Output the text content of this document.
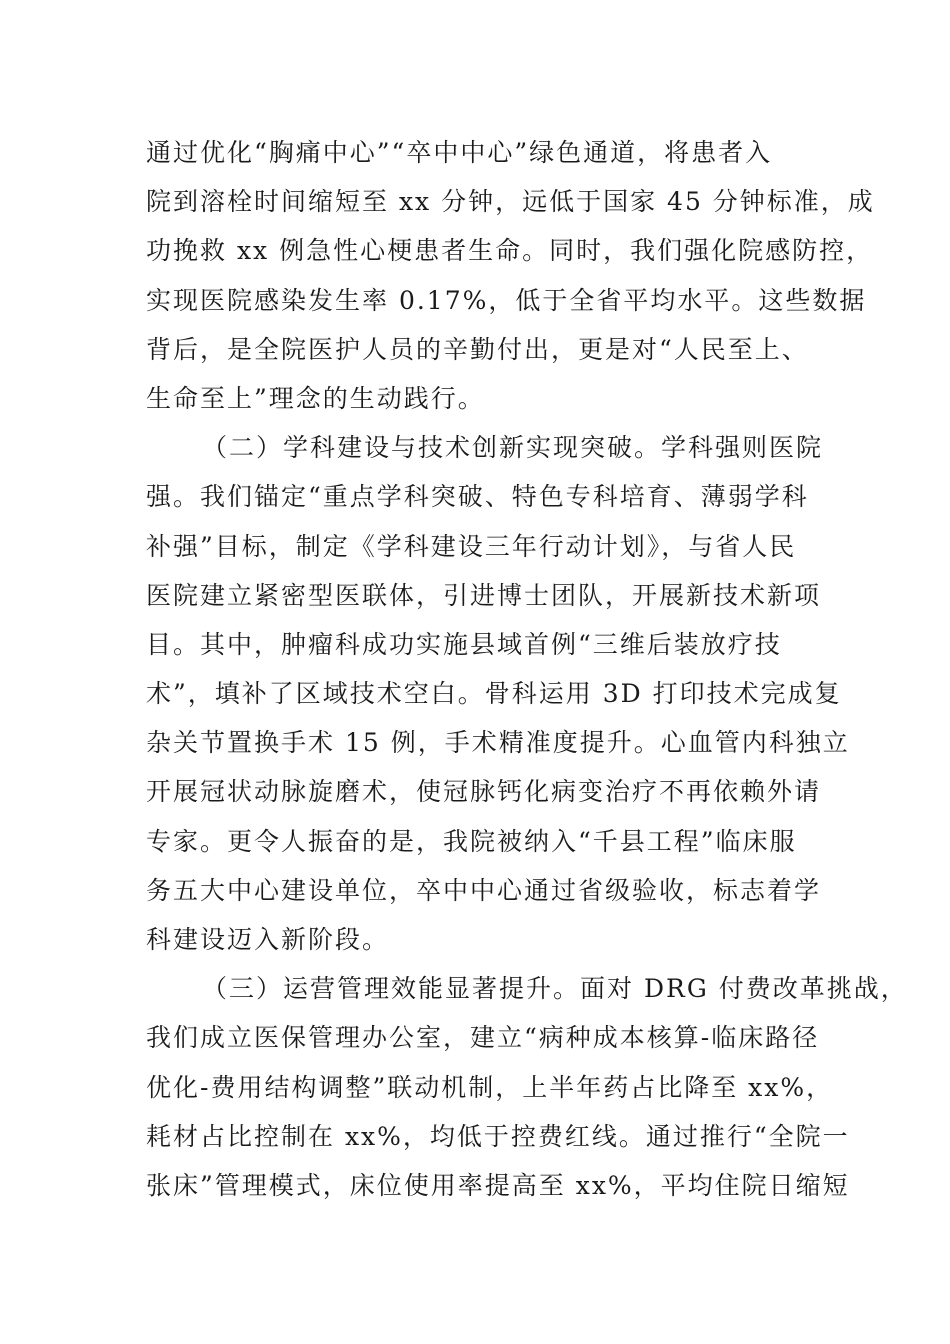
通过优化“胸痛中心”“卒中中心”绿色通道，将患者入
院到溶栓时间缩短至 xx 分钟，远低于国家 45 分钟标准，成
功挽救 xx 例急性心梗患者生命。同时，我们强化院感防控，
实现医院感染发生率 0.17%，低于全省平均水平。这些数据
背后，是全院医护人员的辛勤付出，更是对“人民至上、
生命至上”理念的生动践行。
（二）学科建设与技术创新实现突破。学科强则医院
强。我们锚定“重点学科突破、特色专科培育、薄弱学科
补强”目标，制定《学科建设三年行动计划》，与省人民
医院建立紧密型医联体，引进博士团队，开展新技术新项
目。其中，肿瘤科成功实施县域首例“三维后装放疗技
术”，填补了区域技术空白。骨科运用 3D 打印技术完成复
杂关节置换手术 15 例，手术精准度提升。心血管内科独立
开展冠状动脉旋磨术，使冠脉钙化病变治疗不再依赖外请
专家。更令人振奋的是，我院被纳入“千县工程”临床服
务五大中心建设单位，卒中中心通过省级验收，标志着学
科建设迈入新阶段。
（三）运营管理效能显著提升。面对 DRG 付费改革挑战，
我们成立医保管理办公室，建立“病种成本核算-临床路径
优化-费用结构调整”联动机制，上半年药占比降至 xx%，
耗材占比控制在 xx%，均低于控费红线。通过推行“全院一
张床”管理模式，床位使用率提高至 xx%，平均住院日缩短
